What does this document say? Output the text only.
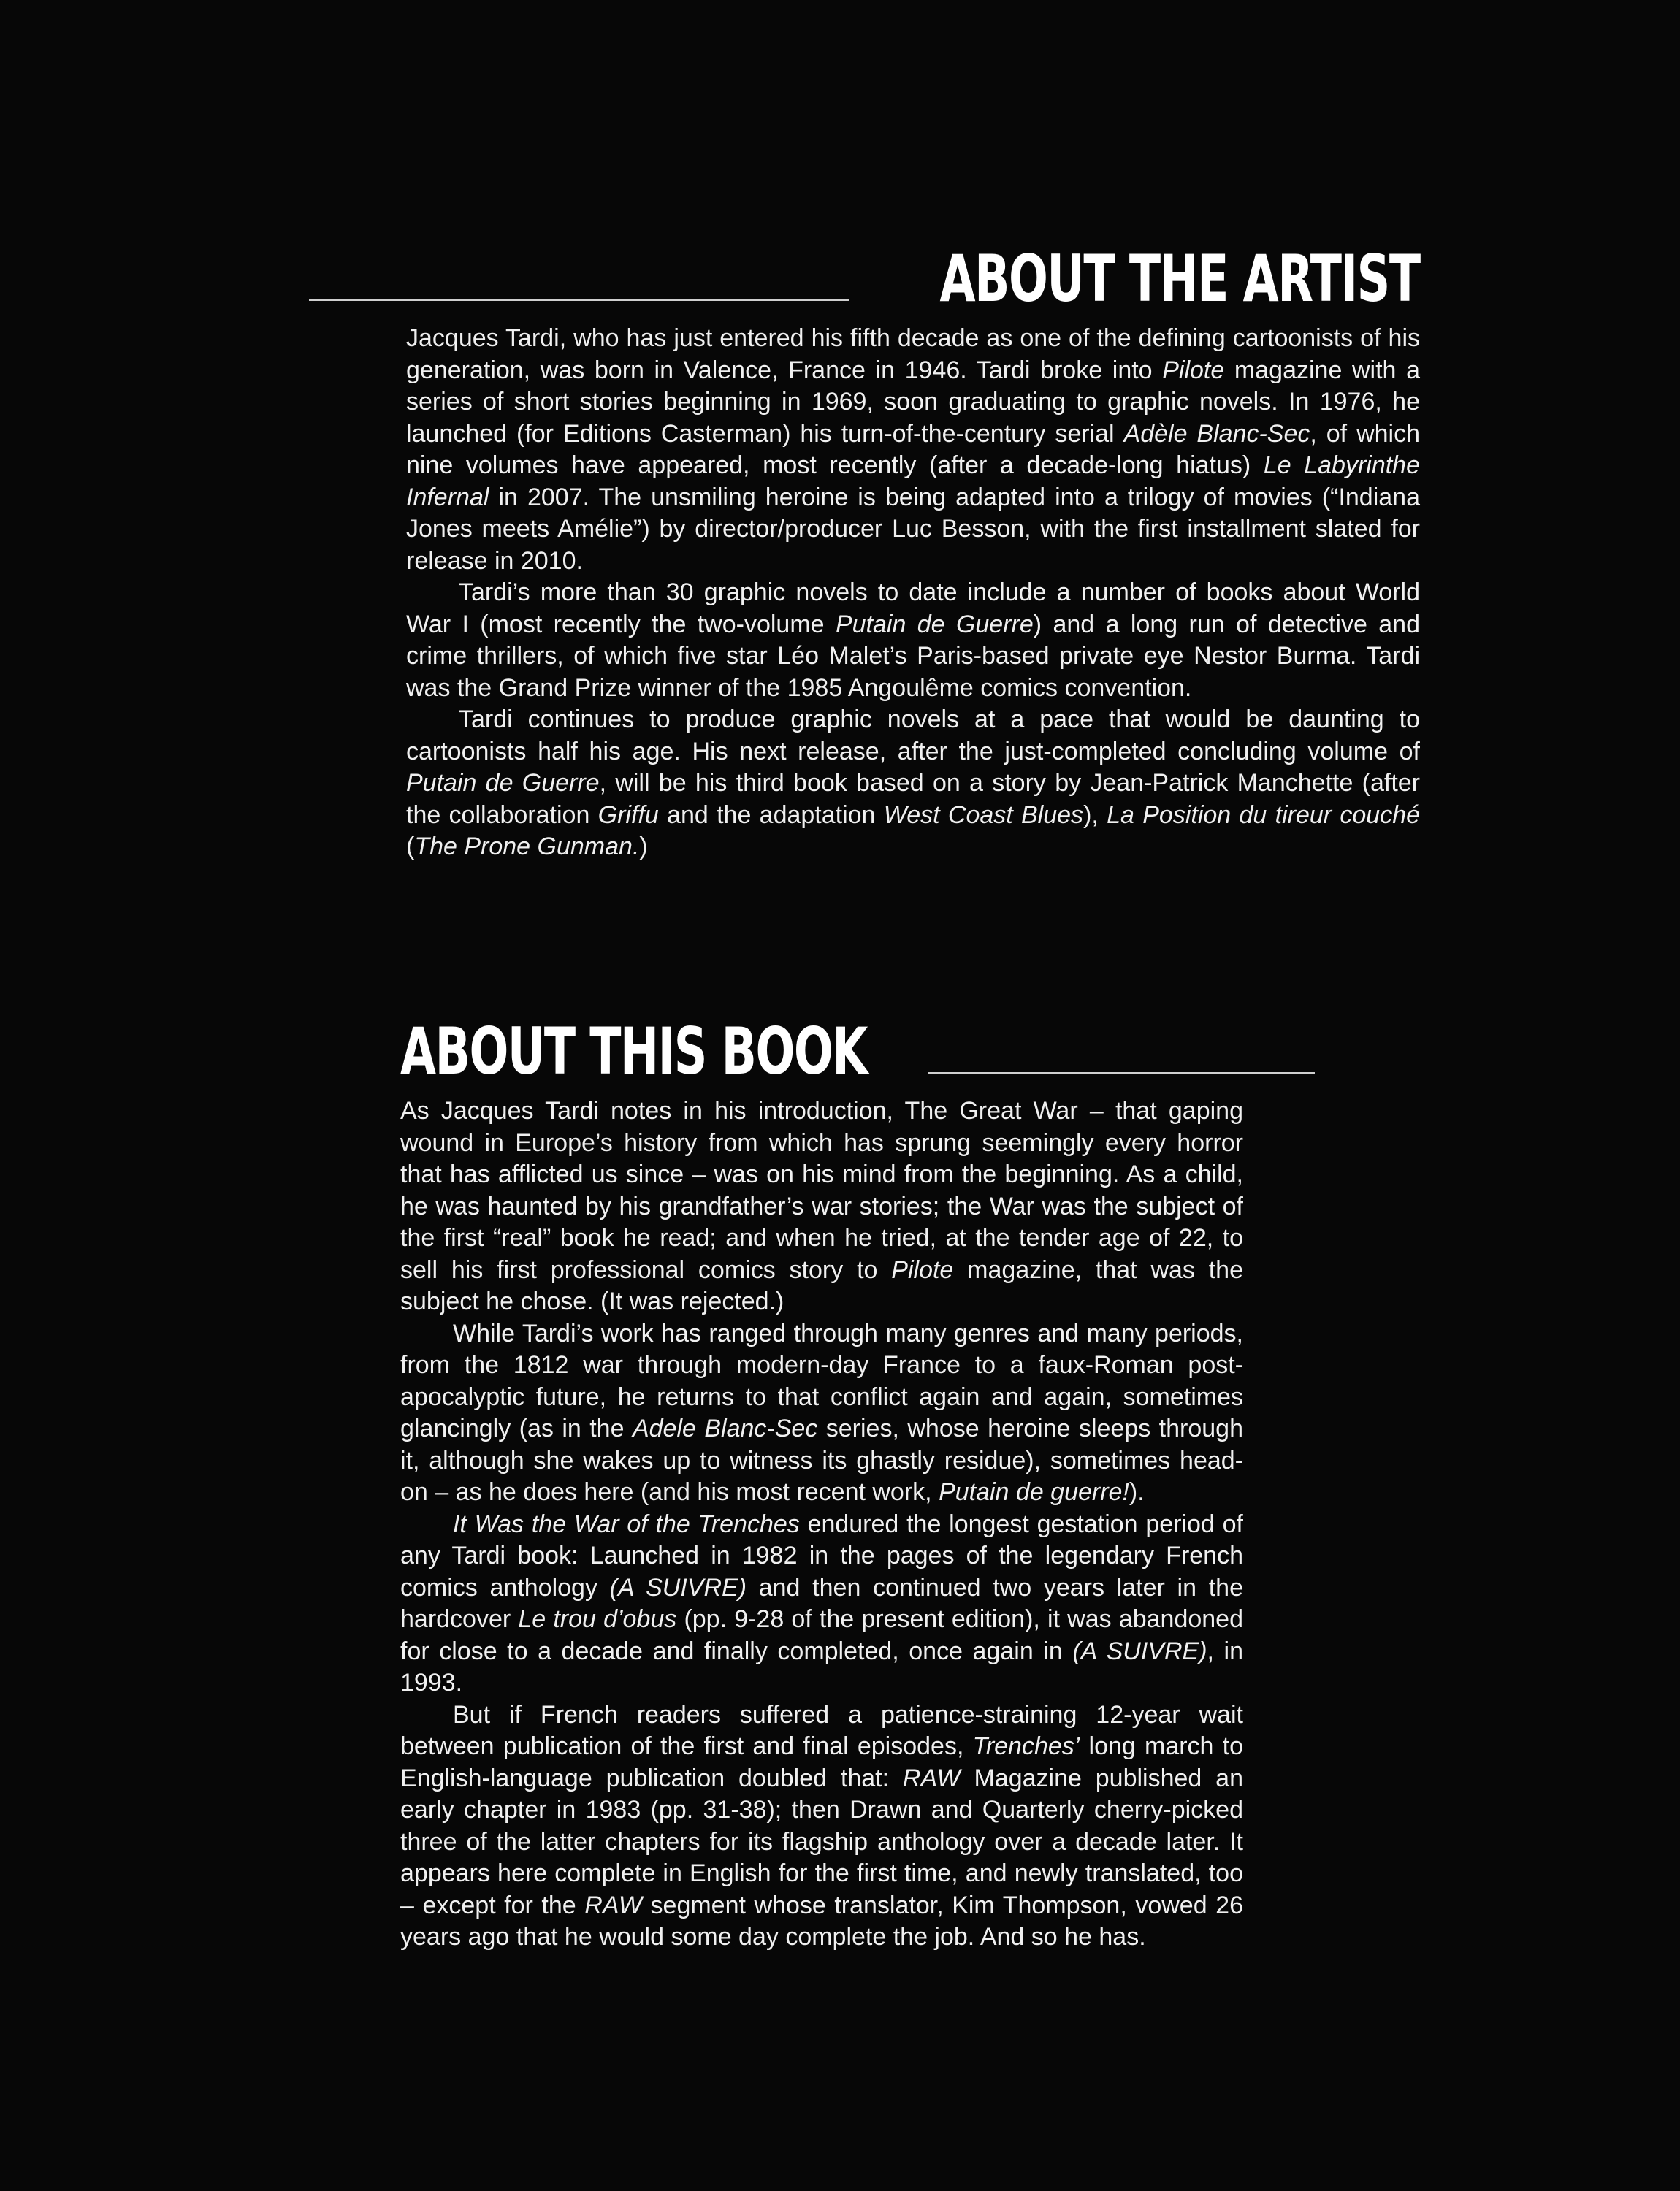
ABOUT THE ARTIST

Jacques Tardi, who has just entered his fifth decade as one of the defining cartoonists of his generation, was born in Valence, France in 1946. Tardi broke into Pilote magazine with a series of short stories beginning in 1969, soon graduating to graphic novels. In 1976, he launched (for Editions Casterman) his turn-of-the-century serial Adèle Blanc-Sec, of which nine volumes have appeared, most recently (after a decade-long hiatus) Le Labyrinthe Infernal in 2007. The unsmiling heroine is being adapted into a trilogy of movies (“Indiana Jones meets Amélie”) by director/producer Luc Besson, with the first installment slated for release in 2010.

Tardi’s more than 30 graphic novels to date include a number of books about World War I (most recently the two-volume Putain de Guerre) and a long run of detective and crime thrillers, of which five star Léo Malet’s Paris-based private eye Nestor Burma. Tardi was the Grand Prize winner of the 1985 Angoulême comics convention.

Tardi continues to produce graphic novels at a pace that would be daunting to cartoonists half his age. His next release, after the just-completed concluding volume of Putain de Guerre, will be his third book based on a story by Jean-Patrick Manchette (after the collaboration Griffu and the adaptation West Coast Blues), La Position du tireur couché (The Prone Gunman.)

ABOUT THIS BOOK

As Jacques Tardi notes in his introduction, The Great War – that gaping wound in Europe’s history from which has sprung seemingly every horror that has afflicted us since – was on his mind from the beginning. As a child, he was haunted by his grandfather’s war stories; the War was the subject of the first “real” book he read; and when he tried, at the tender age of 22, to sell his first professional comics story to Pilote magazine, that was the subject he chose. (It was rejected.)

While Tardi’s work has ranged through many genres and many periods, from the 1812 war through modern-day France to a faux-Roman post-apocalyptic future, he returns to that conflict again and again, sometimes glancingly (as in the Adele Blanc-Sec series, whose heroine sleeps through it, although she wakes up to witness its ghastly residue), sometimes head-on – as he does here (and his most recent work, Putain de guerre!).

It Was the War of the Trenches endured the longest gestation period of any Tardi book: Launched in 1982 in the pages of the legendary French comics anthology (A SUIVRE) and then continued two years later in the hardcover Le trou d’obus (pp. 9-28 of the present edition), it was abandoned for close to a decade and finally completed, once again in (A SUIVRE), in 1993.

But if French readers suffered a patience-straining 12-year wait between publication of the first and final episodes, Trenches’ long march to English-language publication doubled that: RAW Magazine published an early chapter in 1983 (pp. 31-38); then Drawn and Quarterly cherry-picked three of the latter chapters for its flagship anthology over a decade later. It appears here complete in English for the first time, and newly translated, too – except for the RAW segment whose translator, Kim Thompson, vowed 26 years ago that he would some day complete the job. And so he has.
